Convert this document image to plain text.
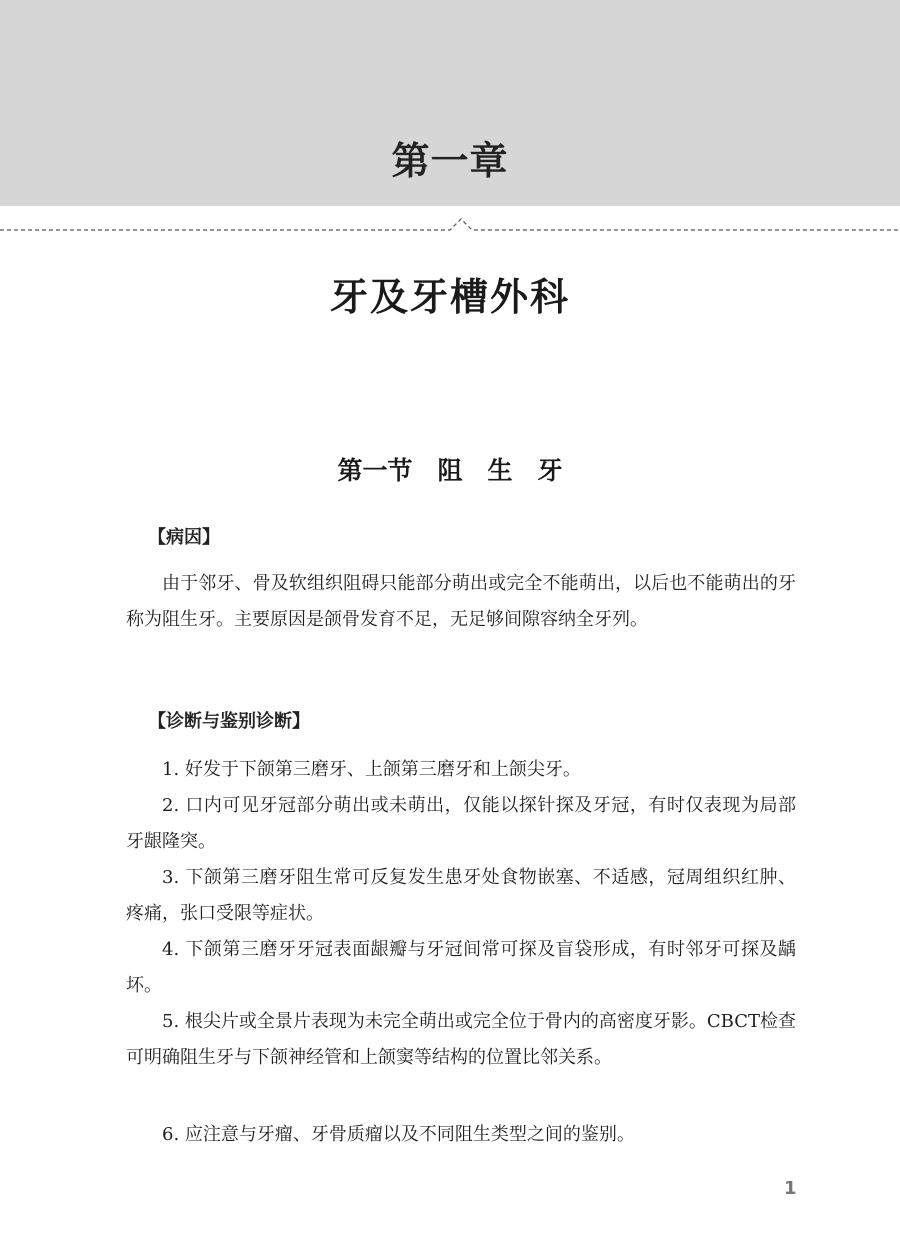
第一章
牙及牙槽外科
第一节　阻　生　牙
【病因】

由于邻牙、骨及软组织阻碍只能部分萌出或完全不能萌出，以后也不能萌出的牙称为阻生牙。主要原因是颌骨发育不足，无足够间隙容纳全牙列。

【诊断与鉴别诊断】

1. 好发于下颌第三磨牙、上颌第三磨牙和上颌尖牙。

2. 口内可见牙冠部分萌出或未萌出，仅能以探针探及牙冠，有时仅表现为局部牙龈隆突。

3. 下颌第三磨牙阻生常可反复发生患牙处食物嵌塞、不适感，冠周组织红肿、疼痛，张口受限等症状。

4. 下颌第三磨牙牙冠表面龈瓣与牙冠间常可探及盲袋形成，有时邻牙可探及龋坏。

5. 根尖片或全景片表现为未完全萌出或完全位于骨内的高密度牙影。CBCT检查可明确阻生牙与下颌神经管和上颌窦等结构的位置比邻关系。

6. 应注意与牙瘤、牙骨质瘤以及不同阻生类型之间的鉴别。

1
